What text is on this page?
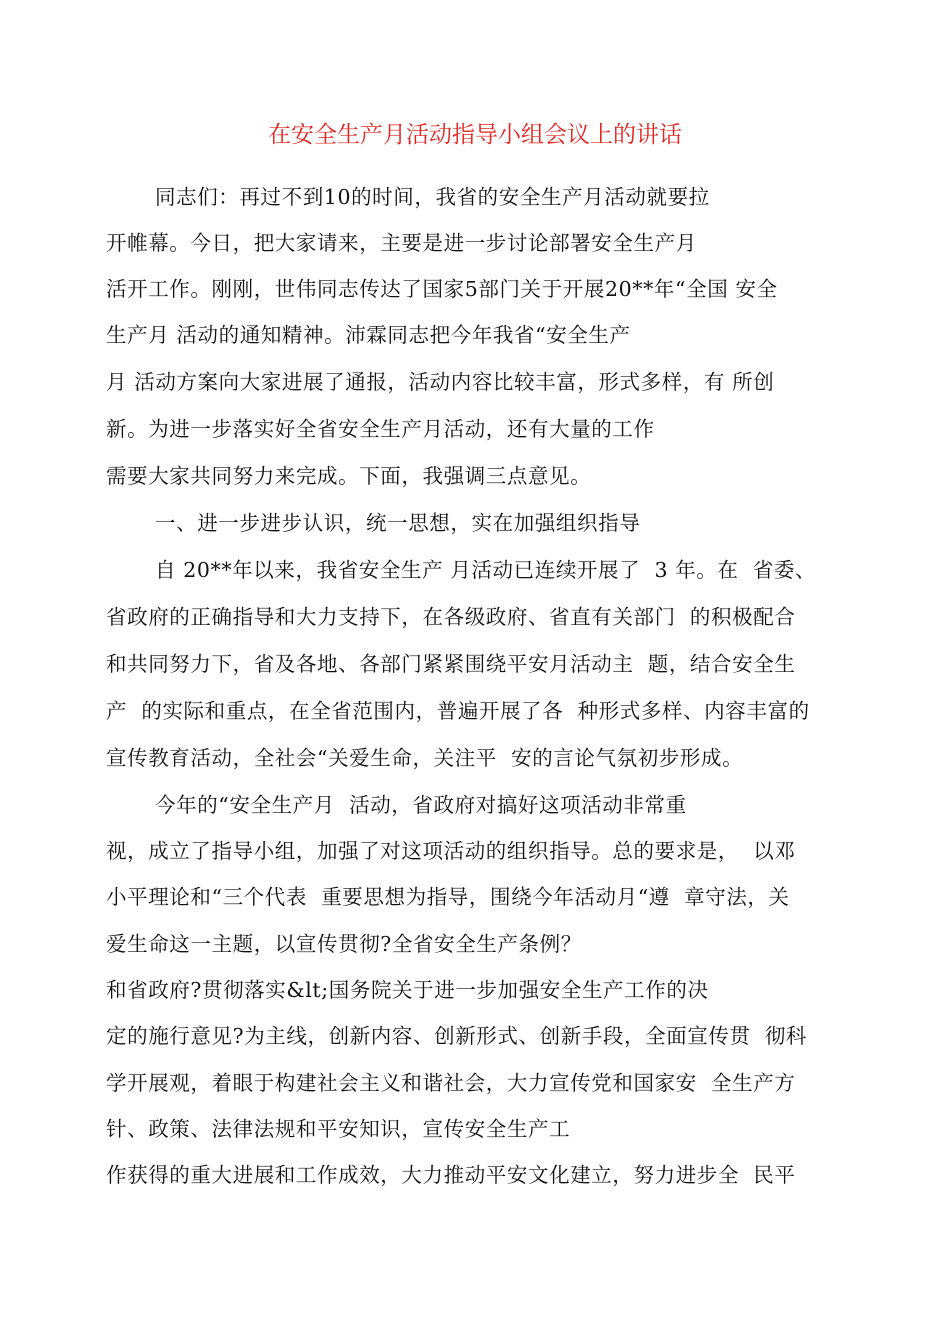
在安全生产月活动指导小组会议上的讲话
同志们：再过不到10的时间，我省的安全生产月活动就要拉
开帷幕。今日，把大家请来，主要是进一步讨论部署安全生产月
活开工作。刚刚，世伟同志传达了国家5部门关于开展20**年“全国 安全
生产月 活动的通知精神。沛霖同志把今年我省“安全生产
月 活动方案向大家进展了通报，活动内容比较丰富，形式多样，有 所创
新。为进一步落实好全省安全生产月活动，还有大量的工作
需要大家共同努力来完成。下面，我强调三点意见。
一、进一步进步认识，统一思想，实在加强组织指导
自 20**年以来，我省安全生产 月活动已连续开展了  3 年。在  省委、
省政府的正确指导和大力支持下，在各级政府、省直有关部门  的积极配合
和共同努力下，省及各地、各部门紧紧围绕平安月活动主  题，结合安全生
产  的实际和重点，在全省范围内，普遍开展了各  种形式多样、内容丰富的
宣传教育活动，全社会“关爱生命，关注平  安的言论气氛初步形成。
今年的“安全生产月  活动，省政府对搞好这项活动非常重
视，成立了指导小组，加强了对这项活动的组织指导。总的要求是，  以邓
小平理论和“三个代表  重要思想为指导，围绕今年活动月“遵  章守法，关
爱生命这一主题，以宣传贯彻?全省安全生产条例？
和省政府?贯彻落实&lt;国务院关于进一步加强安全生产工作的决
定的施行意见?为主线，创新内容、创新形式、创新手段，全面宣传贯  彻科
学开展观，着眼于构建社会主义和谐社会，大力宣传党和国家安  全生产方
针、政策、法律法规和平安知识，宣传安全生产工
作获得的重大进展和工作成效，大力推动平安文化建立，努力进步全  民平
